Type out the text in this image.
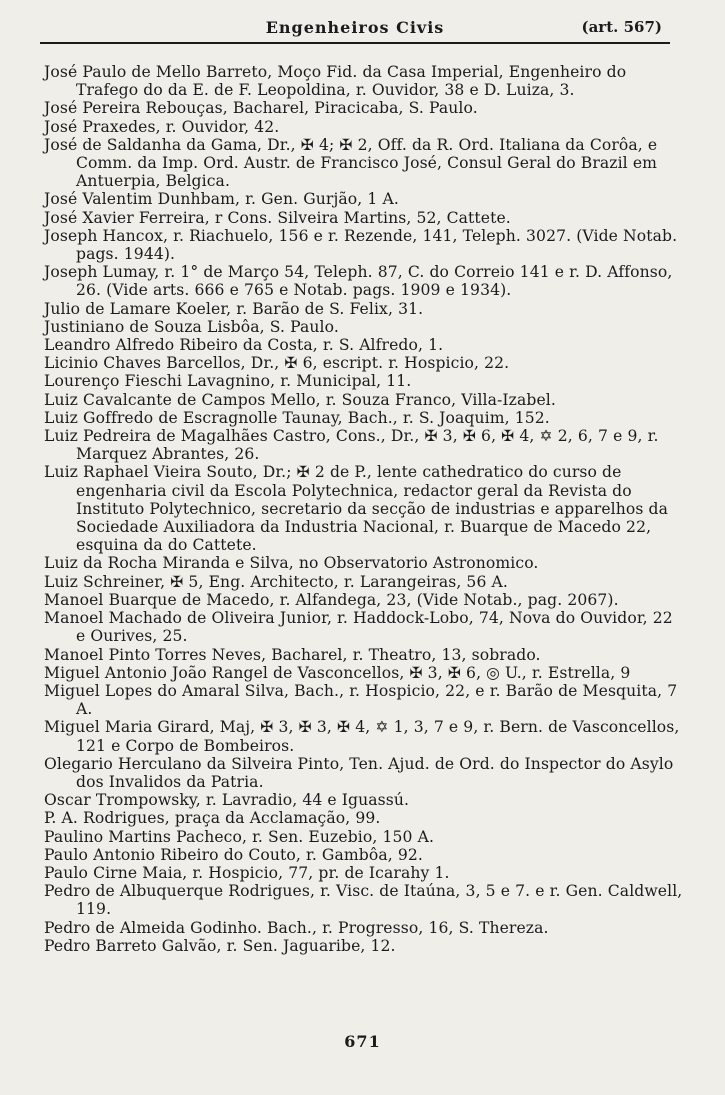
Engenheiros Civis	(art. 567)

José Paulo de Mello Barreto, Moço Fid. da Casa Imperial, Engenheiro do Trafego do da E. de F. Leopoldina, r. Ouvidor, 38 e D. Luiza, 3.

José Pereira Rebouças, Bacharel, Piracicaba, S. Paulo.

José Praxedes, r. Ouvidor, 42.

José de Saldanha da Gama, Dr., ✠ 4; ✠ 2, Off. da R. Ord. Italiana da Corôa, e Comm. da Imp. Ord. Austr. de Francisco José, Consul Geral do Brazil em Antuerpia, Belgica.

José Valentim Dunhbam, r. Gen. Gurjão, 1 A.

José Xavier Ferreira, r Cons. Silveira Martins, 52, Cattete.

Joseph Hancox, r. Riachuelo, 156 e r. Rezende, 141, Teleph. 3027. (Vide Notab. pags. 1944).

Joseph Lumay, r. 1° de Março 54, Teleph. 87, C. do Correio 141 e r. D. Affonso, 26. (Vide arts. 666 e 765 e Notab. pags. 1909 e 1934).

Julio de Lamare Koeler, r. Barão de S. Felix, 31.

Justiniano de Souza Lisbôa, S. Paulo.

Leandro Alfredo Ribeiro da Costa, r. S. Alfredo, 1.

Licinio Chaves Barcellos, Dr., ✠ 6, escript. r. Hospicio, 22.

Lourenço Fieschi Lavagnino, r. Municipal, 11.

Luiz Cavalcante de Campos Mello, r. Souza Franco, Villa-Izabel.

Luiz Goffredo de Escragnolle Taunay, Bach., r. S. Joaquim, 152.

Luiz Pedreira de Magalhães Castro, Cons., Dr., ✠ 3, ✠ 6, ✠ 4, ✡ 2, 6, 7 e 9, r. Marquez Abrantes, 26.

Luiz Raphael Vieira Souto, Dr.; ✠ 2 de P., lente cathedratico do curso de engenharia civil da Escola Polytechnica, redactor geral da Revista do Instituto Polytechnico, secretario da secção de industrias e apparelhos da Sociedade Auxiliadora da Industria Nacional, r. Buarque de Macedo 22, esquina da do Cattete.

Luiz da Rocha Miranda e Silva, no Observatorio Astronomico.

Luiz Schreiner, ✠ 5, Eng. Architecto, r. Larangeiras, 56 A.

Manoel Buarque de Macedo, r. Alfandega, 23, (Vide Notab., pag. 2067).

Manoel Machado de Oliveira Junior, r. Haddock-Lobo, 74, Nova do Ouvidor, 22 e Ourives, 25.

Manoel Pinto Torres Neves, Bacharel, r. Theatro, 13, sobrado.

Miguel Antonio João Rangel de Vasconcellos, ✠ 3, ✠ 6, ◎ U., r. Estrella, 9

Miguel Lopes do Amaral Silva, Bach., r. Hospicio, 22, e r. Barão de Mesquita, 7 A.

Miguel Maria Girard, Maj, ✠ 3, ✠ 3, ✠ 4, ✡ 1, 3, 7 e 9, r. Bern. de Vasconcellos, 121 e Corpo de Bombeiros.

Olegario Herculano da Silveira Pinto, Ten. Ajud. de Ord. do Inspector do Asylo dos Invalidos da Patria.

Oscar Trompowsky, r. Lavradio, 44 e Iguassú.

P. A. Rodrigues, praça da Acclamação, 99.

Paulino Martins Pacheco, r. Sen. Euzebio, 150 A.

Paulo Antonio Ribeiro do Couto, r. Gambôa, 92.

Paulo Cirne Maia, r. Hospicio, 77, pr. de Icarahy 1.

Pedro de Albuquerque Rodrigues, r. Visc. de Itaúna, 3, 5 e 7. e r. Gen. Caldwell, 119.

Pedro de Almeida Godinho. Bach., r. Progresso, 16, S. Thereza.

Pedro Barreto Galvão, r. Sen. Jaguaribe, 12.

671
